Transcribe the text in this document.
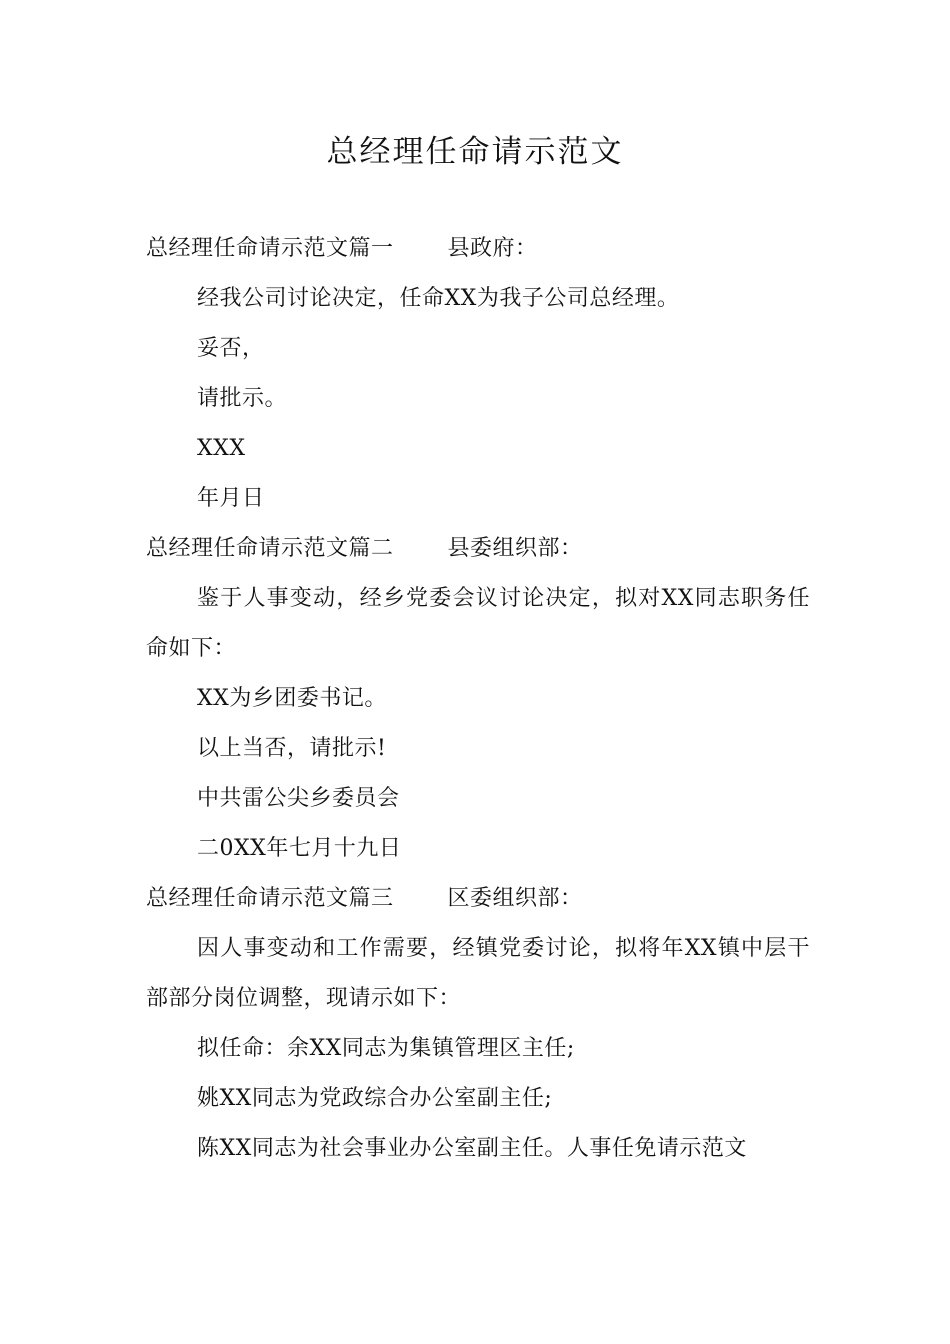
总经理任命请示范文

总经理任命请示范文篇一 县政府：

经我公司讨论决定，任命XX为我子公司总经理。

妥否，

请批示。

XXX

年月日

总经理任命请示范文篇二 县委组织部：

鉴于人事变动，经乡党委会议讨论决定，拟对XX同志职务任命如下：

XX为乡团委书记。

以上当否，请批示!

中共雷公尖乡委员会

二0XX年七月十九日

总经理任命请示范文篇三 区委组织部：

因人事变动和工作需要，经镇党委讨论，拟将年XX镇中层干部部分岗位调整，现请示如下：

拟任命：余XX同志为集镇管理区主任;

姚XX同志为党政综合办公室副主任;

陈XX同志为社会事业办公室副主任。人事任免请示范文
